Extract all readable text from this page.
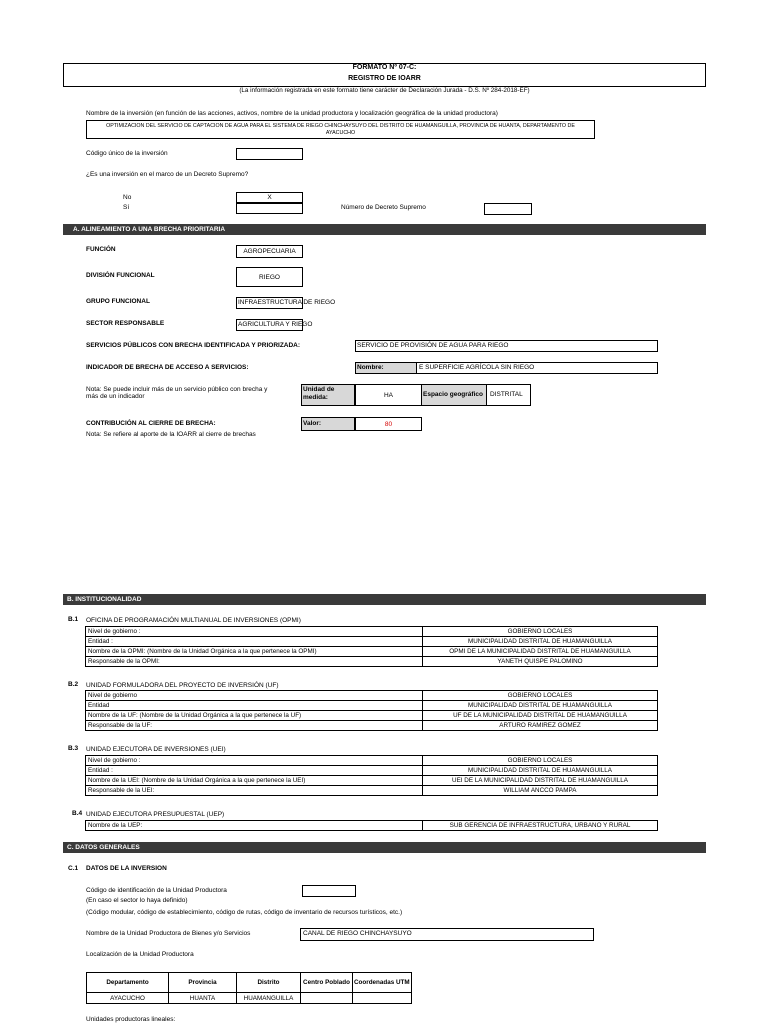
FORMATO Nº 07-C:
REGISTRO DE IOARR
(La información registrada en este formato tiene carácter de Declaración Jurada - D.S. Nº 284-2018-EF)
Nombre de la inversión (en función de las acciones, activos, nombre de la unidad productora y localización geográfica de la unidad productora)
OPTIMIZACION DEL SERVICIO DE CAPTACION DE AGUA PARA EL SISTEMA DE RIEGO CHINCHAYSUYO DEL DISTRITO DE HUAMANGUILLA, PROVINCIA DE HUANTA, DEPARTAMENTO DE
AYACUCHO
Código único de la inversión
¿Es una inversión en el marco de un Decreto Supremo?
No	X
Sí	Número de Decreto Supremo
A. ALINEAMIENTO A UNA BRECHA PRIORITARIA
FUNCIÓN	AGROPECUARIA
DIVISIÓN FUNCIONAL	RIEGO
GRUPO FUNCIONAL	INFRAESTRUCTURA DE RIEGO
SECTOR RESPONSABLE	AGRICULTURA Y RIEGO
SERVICIOS PÚBLICOS CON BRECHA IDENTIFICADA Y PRIORIZADA:	SERVICIO DE PROVISIÓN DE AGUA PARA RIEGO
INDICADOR DE BRECHA DE ACCESO A SERVICIOS:	Nombre:	E SUPERFICIE AGRÍCOLA SIN RIEGO
Nota: Se puede incluir más de un servicio público con brecha y
más de un indicador
Unidad de
medida:	HA	Espacio geográfico DISTRITAL
CONTRIBUCIÓN AL CIERRE DE BRECHA:	Valor:	80
Nota: Se refiere al aporte de la IOARR al cierre de brechas
B. INSTITUCIONALIDAD
B.1 OFICINA DE PROGRAMACIÓN MULTIANUAL DE INVERSIONES (OPMI)
Nivel de gobierno :	GOBIERNO LOCALES
Entidad :	MUNICIPALIDAD DISTRITAL DE HUAMANGUILLA
Nombre de la OPMI: (Nombre de la Unidad Orgánica a la que pertenece la OPMI)	OPMI DE LA MUNICIPALIDAD DISTRITAL DE HUAMANGUILLA
Responsable de la OPMI:	YANETH QUISPE PALOMINO
B.2 UNIDAD FORMULADORA DEL PROYECTO DE INVERSIÓN (UF)
Nivel de gobierno	GOBIERNO LOCALES
Entidad	MUNICIPALIDAD DISTRITAL DE HUAMANGUILLA
Nombre de la UF: (Nombre de la Unidad Orgánica a la que pertenece la UF)	UF DE LA MUNICIPALIDAD DISTRITAL DE HUAMANGUILLA
Responsable de la UF:	ARTURO RAMIREZ GOMEZ
B.3 UNIDAD EJECUTORA DE INVERSIONES (UEI)
Nivel de gobierno :	GOBIERNO LOCALES
Entidad :	MUNICIPALIDAD DISTRITAL DE HUAMANGUILLA
Nombre de la UEI: (Nombre de la Unidad Orgánica a la que pertenece la UEI)	UEI DE LA MUNICIPALIDAD DISTRITAL DE HUAMANGUILLA
Responsable de la UEI:	WILLIAM ANCCO PAMPA
B.4 UNIDAD EJECUTORA PRESUPUESTAL (UEP)
Nombre de la UEP:	SUB GERENCIA DE INFRAESTRUCTURA, URBANO Y RURAL
C. DATOS GENERALES
C.1 DATOS DE LA INVERSION
Código de identificación de la Unidad Productora
(En caso el sector lo haya definido)
(Código modular, código de establecimiento, código de rutas, código de inventario de recursos turísticos, etc.)
Nombre de la Unidad Productora de Bienes y/o Servicios	CANAL DE RIEGO CHINCHAYSUYO
Localización de la Unidad Productora
Departamento	Provincia	Distrito	Centro Poblado	Coordenadas UTM
AYACUCHO	HUANTA	HUAMANGUILLA		
Unidades productoras lineales:
